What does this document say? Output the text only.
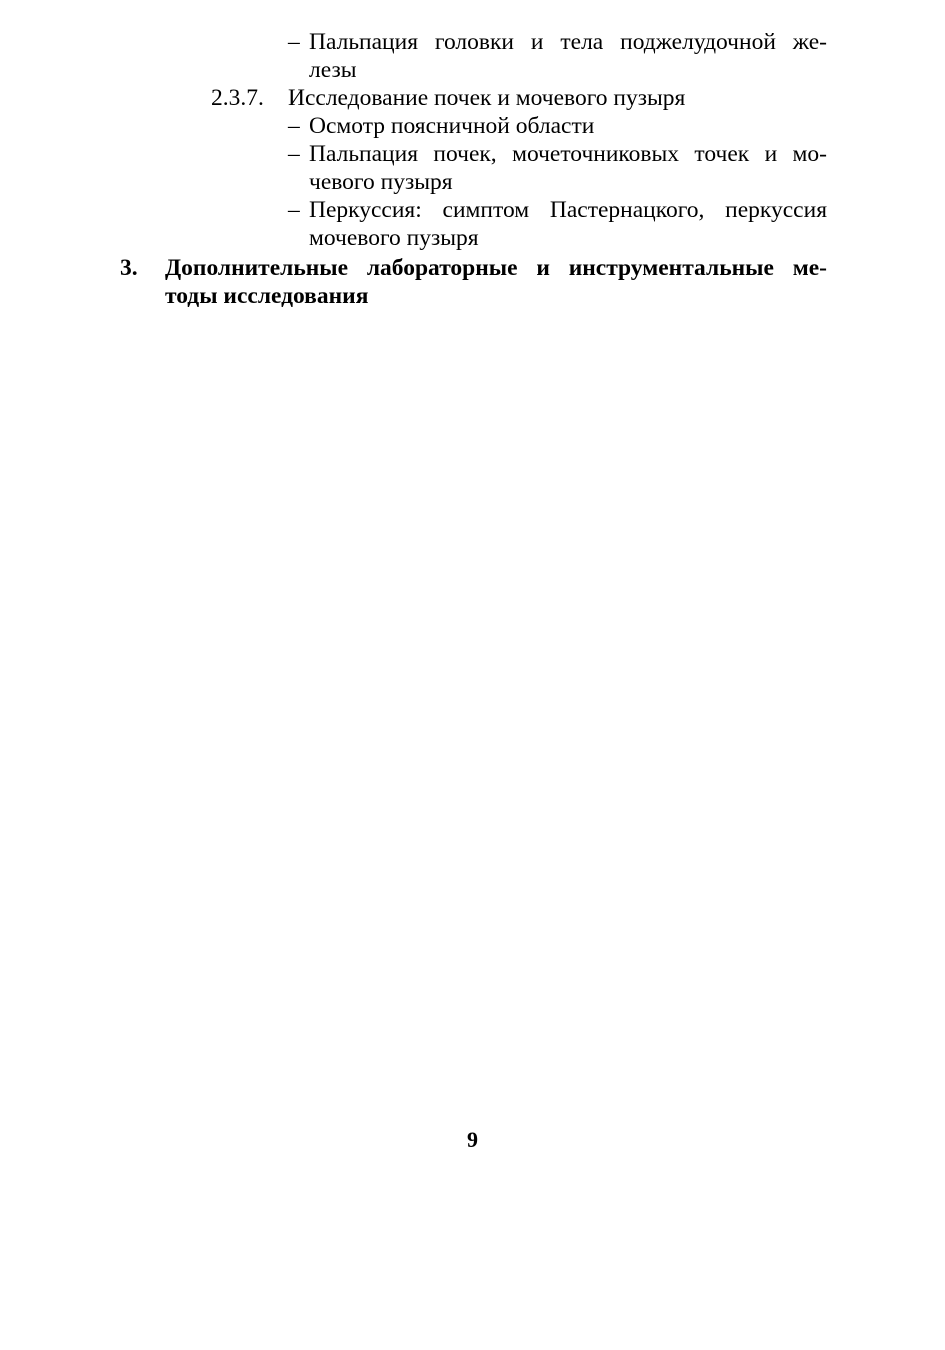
– Пальпация головки и тела поджелудочной же-
лезы
2.3.7. Исследование почек и мочевого пузыря
– Осмотр поясничной области
– Пальпация почек, мочеточниковых точек и мо-
чевого пузыря
– Перкуссия: симптом Пастернацкого, перкуссия
мочевого пузыря
3. Дополнительные лабораторные и инструментальные ме-
тоды исследования
9
